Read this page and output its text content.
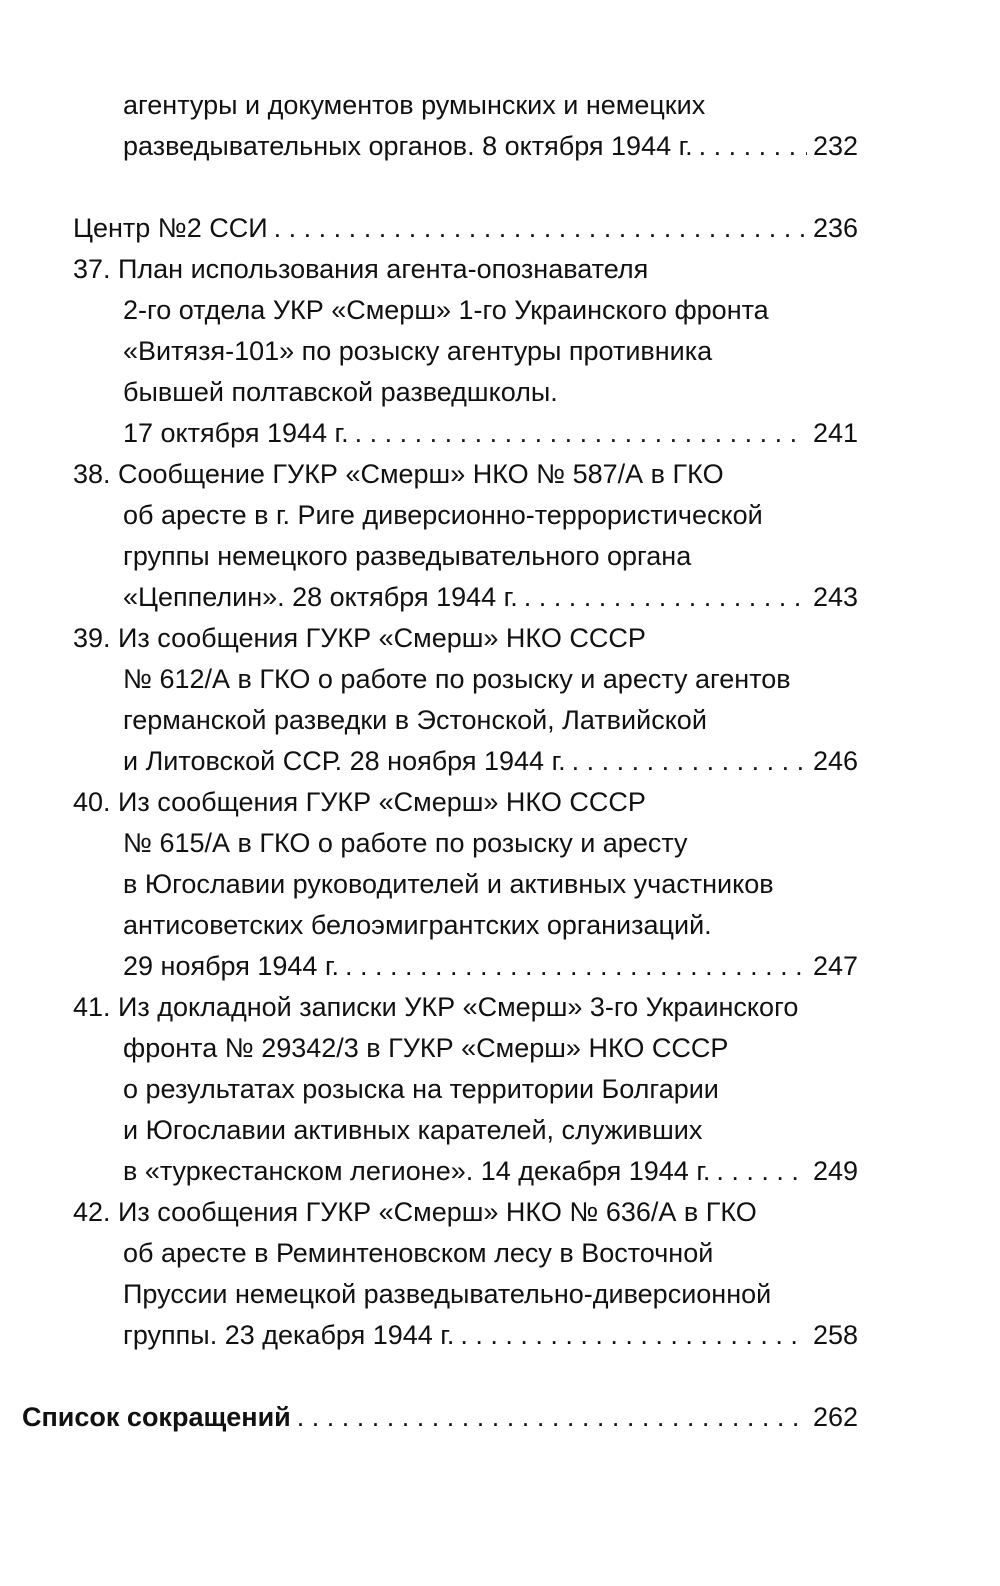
агентуры и документов румынских и немецких
разведывательных органов. 8 октября 1944 г. . . .	232
Центр №2 ССИ . . .	236
37. План использования агента-опознавателя
2-го отдела УКР «Смерш» 1-го Украинского фронта
«Витязя-101» по розыску агентуры противника
бывшей полтавской разведшколы.
17 октября 1944 г. . . .	241
38. Сообщение ГУКР «Смерш» НКО № 587/А в ГКО
об аресте в г. Риге диверсионно-террористической
группы немецкого разведывательного органа
«Цеппелин». 28 октября 1944 г. . . .	243
39. Из сообщения ГУКР «Смерш» НКО СССР
№ 612/А в ГКО о работе по розыску и аресту агентов
германской разведки в Эстонской, Латвийской
и Литовской ССР. 28 ноября 1944 г. . . .	246
40. Из сообщения ГУКР «Смерш» НКО СССР
№ 615/А в ГКО о работе по розыску и аресту
в Югославии руководителей и активных участников
антисоветских белоэмигрантских организаций.
29 ноября 1944 г. . . .	247
41. Из докладной записки УКР «Смерш» 3-го Украинского
фронта № 29342/3 в ГУКР «Смерш» НКО СССР
о результатах розыска на территории Болгарии
и Югославии активных карателей, служивших
в «туркестанском легионе». 14 декабря 1944 г. . . .	249
42. Из сообщения ГУКР «Смерш» НКО № 636/А в ГКО
об аресте в Реминтеновском лесу в Восточной
Пруссии немецкой разведывательно-диверсионной
группы. 23 декабря 1944 г. . . .	258
Список сокращений . . .	262
